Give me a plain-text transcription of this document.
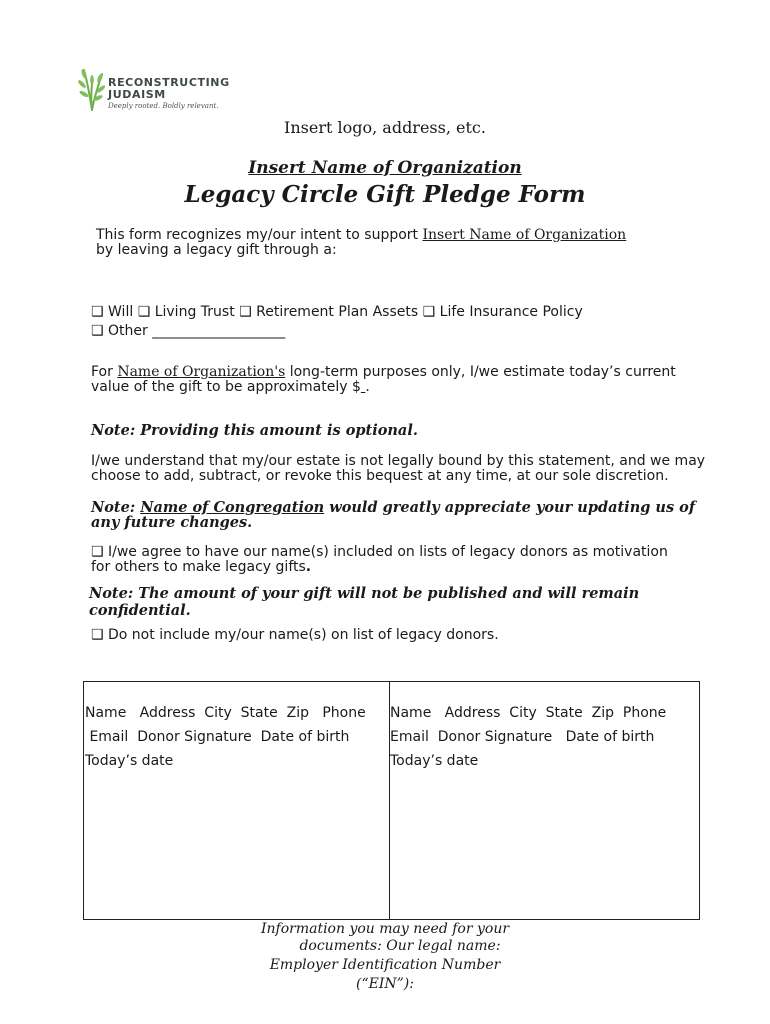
RECONSTRUCTING
JUDAISM
Deeply rooted. Boldly relevant.
Insert logo, address, etc.
Insert Name of Organization
Legacy Circle Gift Pledge Form
This form recognizes my/our intent to support Insert Name of Organization
by leaving a legacy gift through a:
❑ Will ❑ Living Trust ❑ Retirement Plan Assets ❑ Life Insurance Policy
❑ Other ___________________
For Name of Organization's long-term purposes only, I/we estimate today’s current value of the gift to be approximately $ .
Note: Providing this amount is optional.
I/we understand that my/our estate is not legally bound by this statement, and we may choose to add, subtract, or revoke this bequest at any time, at our sole discretion.
Note: Name of Congregation would greatly appreciate your updating us of any future changes.
❑ I/we agree to have our name(s) included on lists of legacy donors as motivation for others to make legacy gifts.
Note: The amount of your gift will not be published and will remain confidential.
❑ Do not include my/our name(s) on list of legacy donors.
Name   Address  City  State  Zip   Phone
Email  Donor Signature  Date of birth
Today’s date
Name   Address  City  State  Zip  Phone
Email  Donor Signature   Date of birth
Today’s date
Information you may need for your
documents: Our legal name:
Employer Identification Number
(“EIN”):
